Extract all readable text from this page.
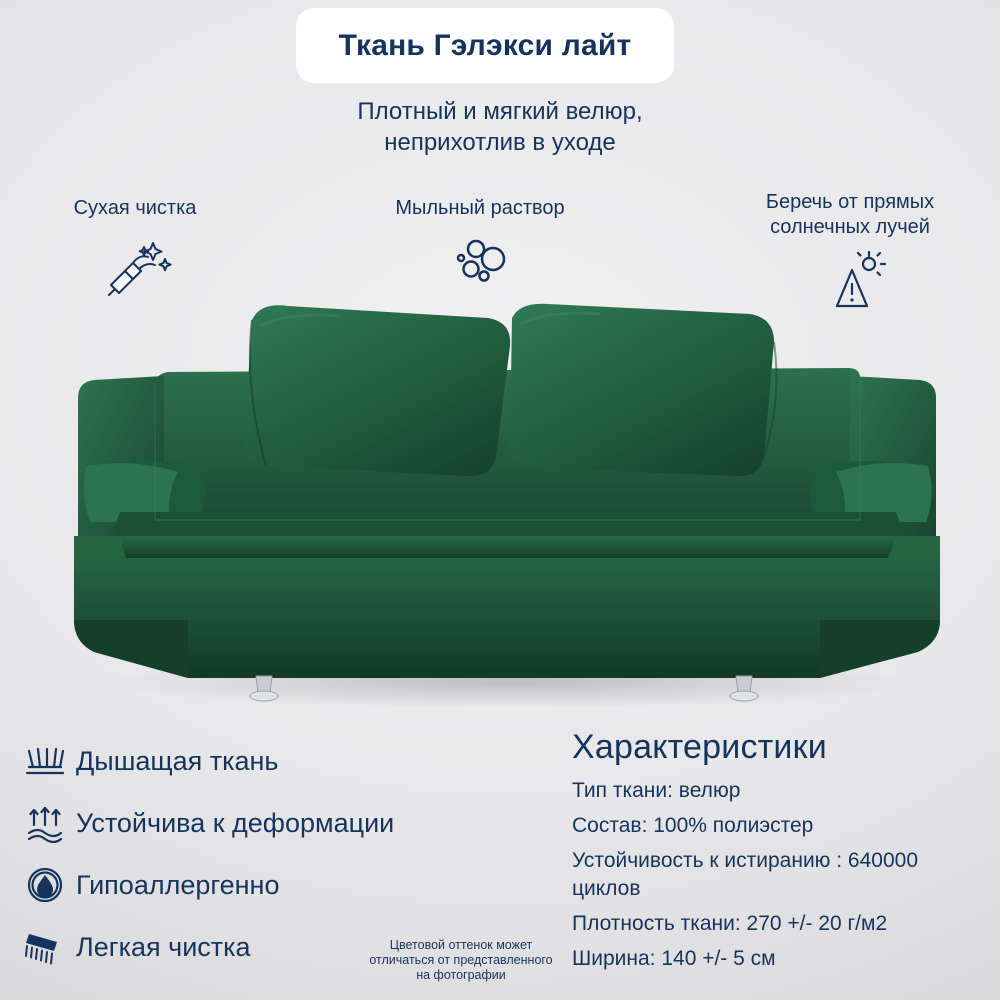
Ткань Гэлэкси лайт
Плотный и мягкий велюр,
неприхотлив в уходе
Сухая чистка	Мыльный раствор	Беречь от прямых
солнечных лучей
Дышащая ткань
Устойчива к деформации
Гипоаллергенно
Легкая чистка
Характеристики
Тип ткани: велюр
Состав: 100% полиэстер
Устойчивость к истиранию : 640000 циклов
Плотность ткани: 270 +/- 20 г/м2
Ширина: 140 +/- 5 см
Цветовой оттенок может
отличаться от представленного
на фотографии
